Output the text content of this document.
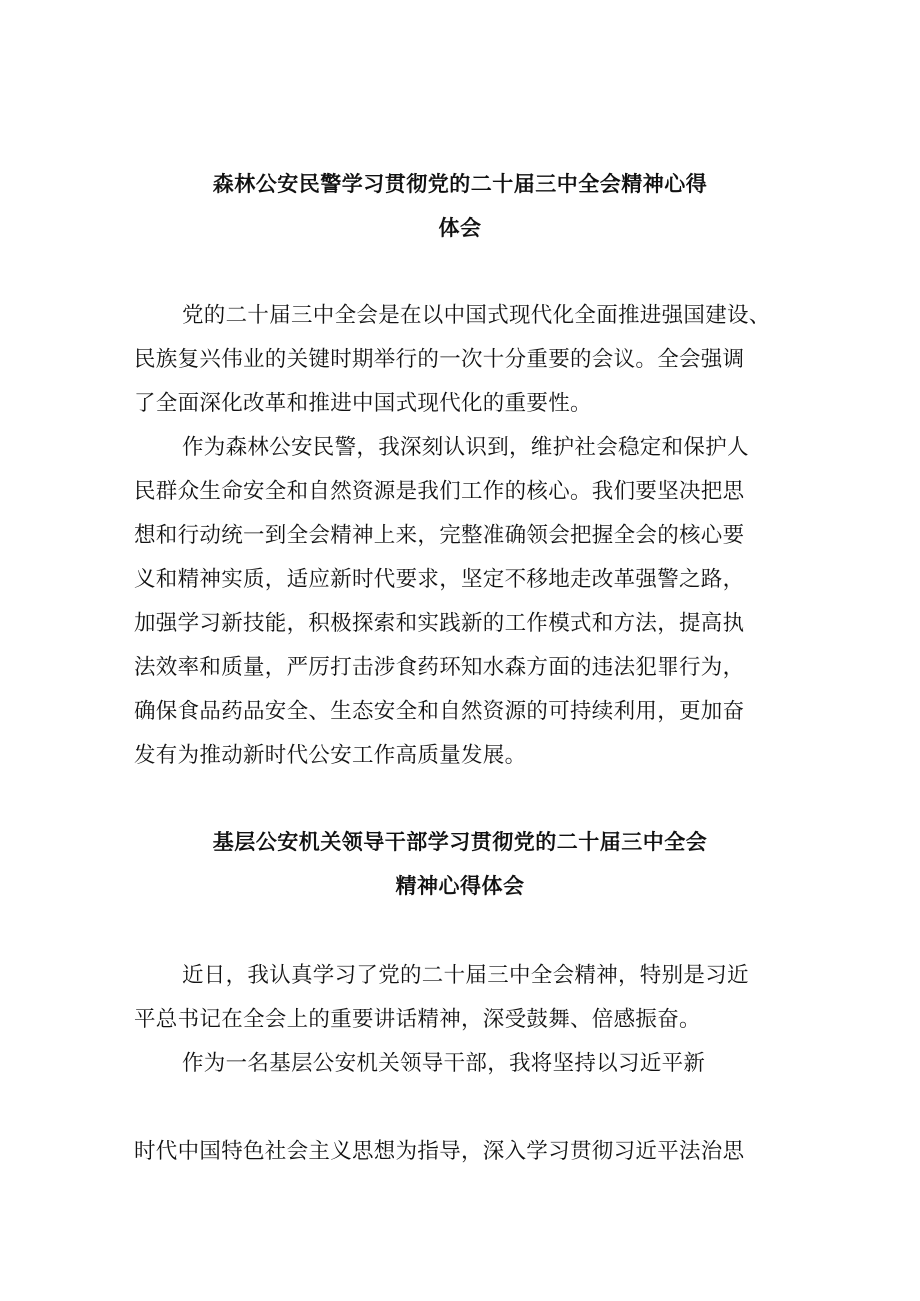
森林公安民警学习贯彻党的二十届三中全会精神心得
体会
党的二十届三中全会是在以中国式现代化全面推进强国建设、
民族复兴伟业的关键时期举行的一次十分重要的会议。全会强调
了全面深化改革和推进中国式现代化的重要性。
作为森林公安民警，我深刻认识到，维护社会稳定和保护人
民群众生命安全和自然资源是我们工作的核心。我们要坚决把思
想和行动统一到全会精神上来，完整准确领会把握全会的核心要
义和精神实质，适应新时代要求，坚定不移地走改革强警之路，
加强学习新技能，积极探索和实践新的工作模式和方法，提高执
法效率和质量，严厉打击涉食药环知水森方面的违法犯罪行为，
确保食品药品安全、生态安全和自然资源的可持续利用，更加奋
发有为推动新时代公安工作高质量发展。
基层公安机关领导干部学习贯彻党的二十届三中全会
精神心得体会
近日，我认真学习了党的二十届三中全会精神，特别是习近
平总书记在全会上的重要讲话精神，深受鼓舞、倍感振奋。
作为一名基层公安机关领导干部，我将坚持以习近平新
时代中国特色社会主义思想为指导，深入学习贯彻习近平法治思
